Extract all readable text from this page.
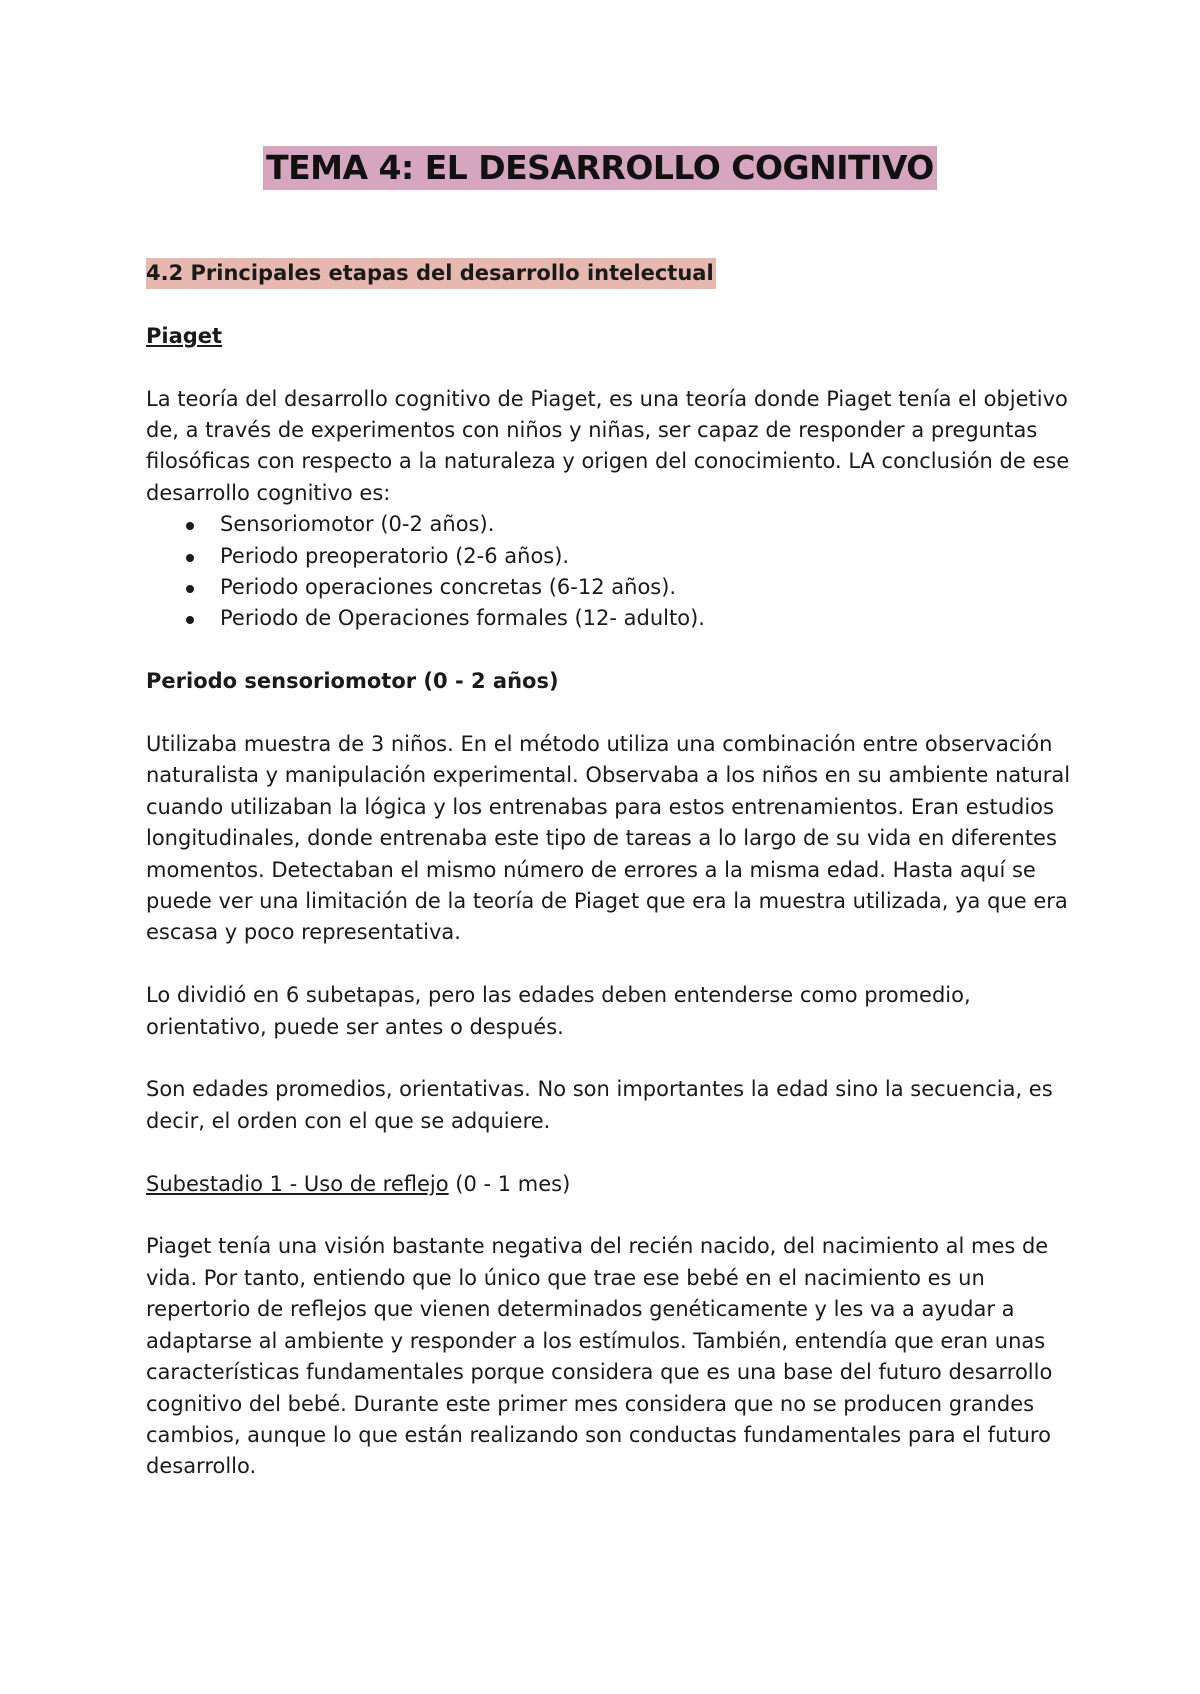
TEMA 4: EL DESARROLLO COGNITIVO

4.2 Principales etapas del desarrollo intelectual

Piaget

La teoría del desarrollo cognitivo de Piaget, es una teoría donde Piaget tenía el objetivo de, a través de experimentos con niños y niñas, ser capaz de responder a preguntas filosóficas con respecto a la naturaleza y origen del conocimiento. LA conclusión de ese desarrollo cognitivo es:

Sensoriomotor (0-2 años).
Periodo preoperatorio (2-6 años).
Periodo operaciones concretas (6-12 años).
Periodo de Operaciones formales (12- adulto).

Periodo sensoriomotor (0 - 2 años)

Utilizaba muestra de 3 niños. En el método utiliza una combinación entre observación naturalista y manipulación experimental. Observaba a los niños en su ambiente natural cuando utilizaban la lógica y los entrenabas para estos entrenamientos. Eran estudios longitudinales, donde entrenaba este tipo de tareas a lo largo de su vida en diferentes momentos. Detectaban el mismo número de errores a la misma edad. Hasta aquí se puede ver una limitación de la teoría de Piaget que era la muestra utilizada, ya que era escasa y poco representativa.

Lo dividió en 6 subetapas, pero las edades deben entenderse como promedio, orientativo, puede ser antes o después.

Son edades promedios, orientativas. No son importantes la edad sino la secuencia, es decir, el orden con el que se adquiere.

Subestadio 1 - Uso de reflejo (0 - 1 mes)

Piaget tenía una visión bastante negativa del recién nacido, del nacimiento al mes de vida. Por tanto, entiendo que lo único que trae ese bebé en el nacimiento es un repertorio de reflejos que vienen determinados genéticamente y les va a ayudar a adaptarse al ambiente y responder a los estímulos. También, entendía que eran unas características fundamentales porque considera que es una base del futuro desarrollo cognitivo del bebé. Durante este primer mes considera que no se producen grandes cambios, aunque lo que están realizando son conductas fundamentales para el futuro desarrollo.
